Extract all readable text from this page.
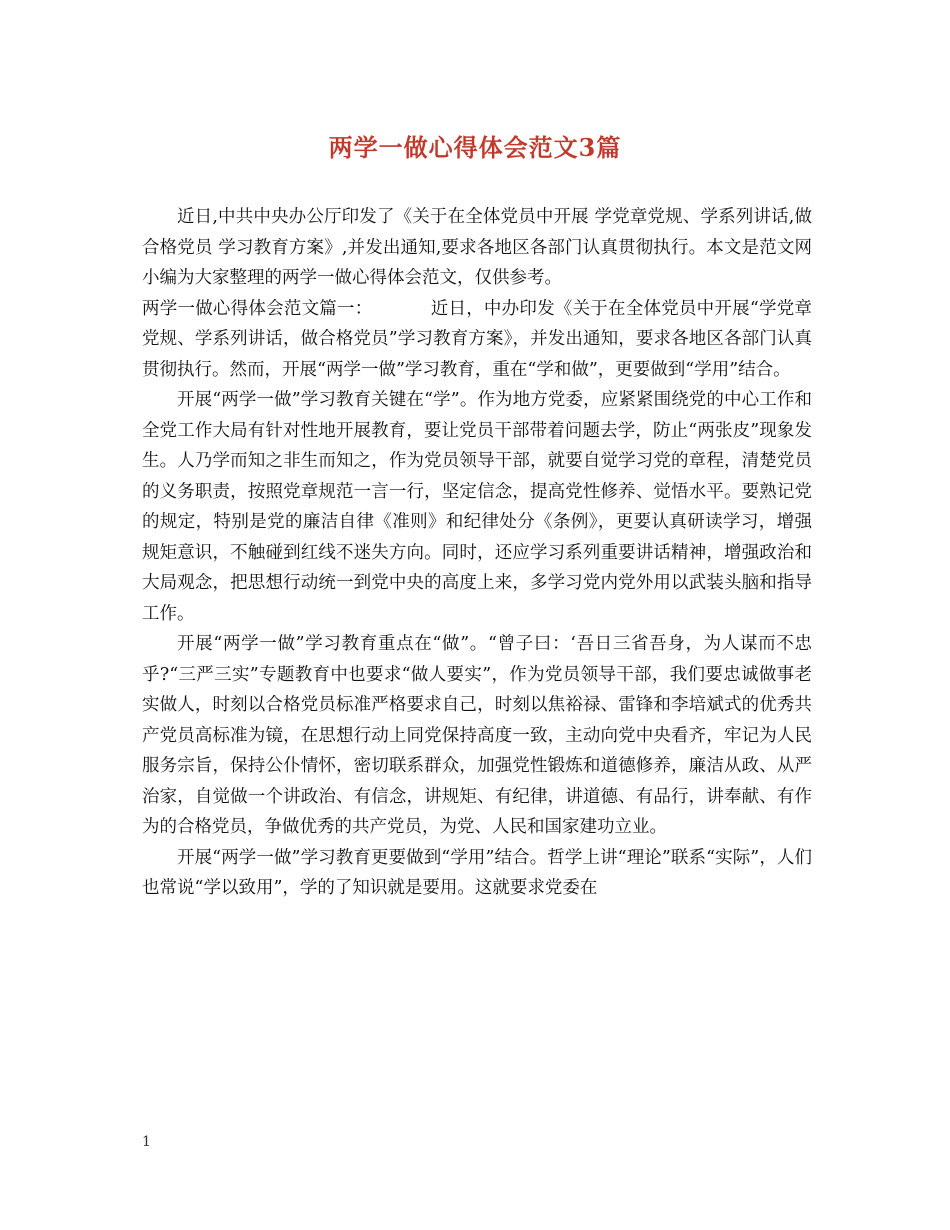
两学一做心得体会范文3篇

近日,中共中央办公厅印发了《关于在全体党员中开展 学党章党规、学系列讲话,做合格党员 学习教育方案》,并发出通知,要求各地区各部门认真贯彻执行。本文是范文网小编为大家整理的两学一做心得体会范文，仅供参考。

两学一做心得体会范文篇一：	近日，中办印发《关于在全体党员中开展“学党章党规、学系列讲话，做合格党员”学习教育方案》，并发出通知，要求各地区各部门认真贯彻执行。然而，开展“两学一做”学习教育，重在“学和做”，更要做到“学用”结合。

开展“两学一做”学习教育关键在“学”。作为地方党委，应紧紧围绕党的中心工作和全党工作大局有针对性地开展教育，要让党员干部带着问题去学，防止“两张皮”现象发生。人乃学而知之非生而知之，作为党员领导干部，就要自觉学习党的章程，清楚党员的义务职责，按照党章规范一言一行，坚定信念，提高党性修养、觉悟水平。要熟记党的规定，特别是党的廉洁自律《准则》和纪律处分《条例》，更要认真研读学习，增强规矩意识，不触碰到红线不迷失方向。同时，还应学习系列重要讲话精神，增强政治和大局观念，把思想行动统一到党中央的高度上来，多学习党内党外用以武装头脑和指导工作。

开展“两学一做”学习教育重点在“做”。“曾子曰：‘吾日三省吾身，为人谋而不忠乎?“三严三实”专题教育中也要求“做人要实”，作为党员领导干部，我们要忠诚做事老实做人，时刻以合格党员标准严格要求自己，时刻以焦裕禄、雷锋和李培斌式的优秀共产党员高标准为镜，在思想行动上同党保持高度一致，主动向党中央看齐，牢记为人民服务宗旨，保持公仆情怀，密切联系群众，加强党性锻炼和道德修养，廉洁从政、从严治家，自觉做一个讲政治、有信念，讲规矩、有纪律，讲道德、有品行，讲奉献、有作为的合格党员，争做优秀的共产党员，为党、人民和国家建功立业。

开展“两学一做”学习教育更要做到“学用”结合。哲学上讲“理论”联系“实际”，人们也常说“学以致用”，学的了知识就是要用。这就要求党委在

1
